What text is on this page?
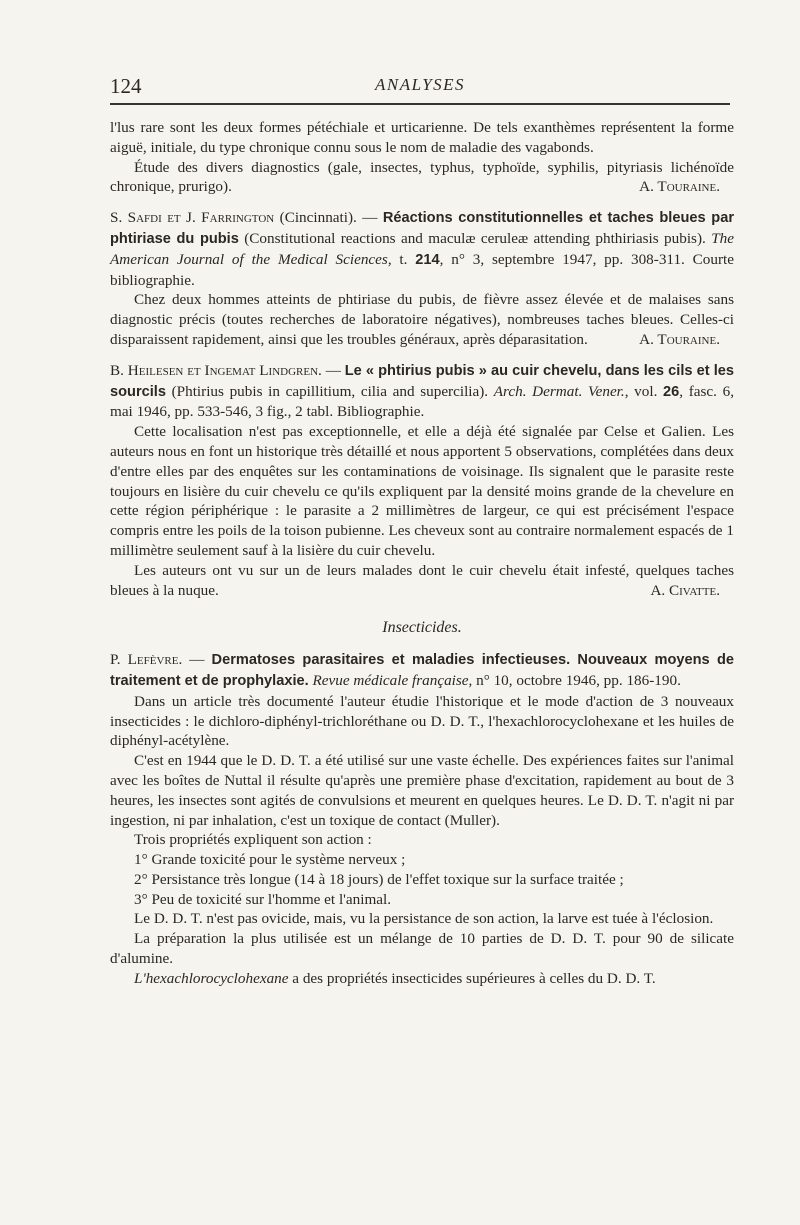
124	ANALYSES

l'lus rare sont les deux formes pétéchiale et urticarienne. De tels exanthèmes représentent la forme aiguë, initiale, du type chronique connu sous le nom de maladie des vagabonds.

Étude des divers diagnostics (gale, insectes, typhus, typhoïde, syphilis, pityriasis lichénoïde chronique, prurigo).	A. Touraine.

S. Safdi et J. Farrington (Cincinnati). — Réactions constitutionnelles et taches bleues par phtiriase du pubis (Constitutional reactions and maculæ ceruleæ attending phthiriasis pubis). The American Journal of the Medical Sciences, t. 214, n° 3, septembre 1947, pp. 308-311. Courte bibliographie.

Chez deux hommes atteints de phtiriase du pubis, de fièvre assez élevée et de malaises sans diagnostic précis (toutes recherches de laboratoire négatives), nombreuses taches bleues. Celles-ci disparaissent rapidement, ainsi que les troubles généraux, après déparasitation.	A. Touraine.

B. Heilesen et Ingemat Lindgren. — Le « phtirius pubis » au cuir chevelu, dans les cils et les sourcils (Phtirius pubis in capillitium, cilia and supercilia). Arch. Dermat. Vener., vol. 26, fasc. 6, mai 1946, pp. 533-546, 3 fig., 2 tabl. Bibliographie.

Cette localisation n'est pas exceptionnelle, et elle a déjà été signalée par Celse et Galien. Les auteurs nous en font un historique très détaillé et nous apportent 5 observations, complétées dans deux d'entre elles par des enquêtes sur les contaminations de voisinage. Ils signalent que le parasite reste toujours en lisière du cuir chevelu ce qu'ils expliquent par la densité moins grande de la chevelure en cette région périphérique : le parasite a 2 millimètres de largeur, ce qui est précisément l'espace compris entre les poils de la toison pubienne. Les cheveux sont au contraire normalement espacés de 1 millimètre seulement sauf à la lisière du cuir chevelu.

Les auteurs ont vu sur un de leurs malades dont le cuir chevelu était infesté, quelques taches bleues à la nuque.	A. Civatte.

Insecticides.

P. Lefèvre. — Dermatoses parasitaires et maladies infectieuses. Nouveaux moyens de traitement et de prophylaxie. Revue médicale française, n° 10, octobre 1946, pp. 186-190.

Dans un article très documenté l'auteur étudie l'historique et le mode d'action de 3 nouveaux insecticides : le dichloro-diphényl-trichloréthane ou D. D. T., l'hexachlorocyclohexane et les huiles de diphényl-acétylène.

C'est en 1944 que le D. D. T. a été utilisé sur une vaste échelle. Des expériences faites sur l'animal avec les boîtes de Nuttal il résulte qu'après une première phase d'excitation, rapidement au bout de 3 heures, les insectes sont agités de convulsions et meurent en quelques heures. Le D. D. T. n'agit ni par ingestion, ni par inhalation, c'est un toxique de contact (Muller).

Trois propriétés expliquent son action :

1° Grande toxicité pour le système nerveux ;

2° Persistance très longue (14 à 18 jours) de l'effet toxique sur la surface traitée ;

3° Peu de toxicité sur l'homme et l'animal.

Le D. D. T. n'est pas ovicide, mais, vu la persistance de son action, la larve est tuée à l'éclosion.

La préparation la plus utilisée est un mélange de 10 parties de D. D. T. pour 90 de silicate d'alumine.

L'hexachlorocyclohexane a des propriétés insecticides supérieures à celles du D. D. T.
